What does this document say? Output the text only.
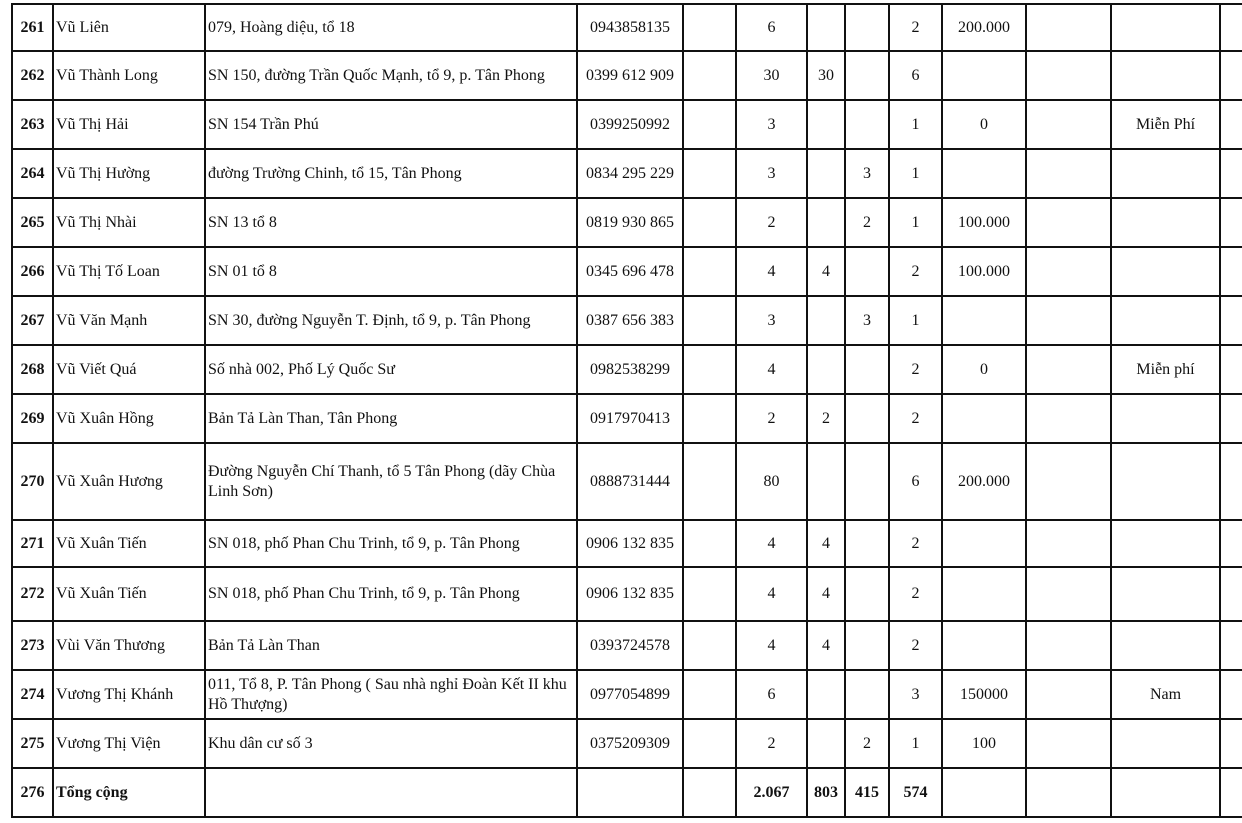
261	Vũ Liên	079, Hoàng diệu, tổ 18	0943858135		6			2	200.000			
262	Vũ Thành Long	SN 150, đường Trần Quốc Mạnh, tổ 9, p. Tân Phong	0399 612 909		30	30		6				
263	Vũ Thị Hải	SN 154 Trần Phú	0399250992		3			1	0		Miễn Phí	
264	Vũ Thị Hường	đường Trường Chinh, tổ 15, Tân Phong	0834 295 229		3		3	1				
265	Vũ Thị Nhài	SN 13 tổ 8	0819 930 865		2		2	1	100.000			
266	Vũ Thị Tố Loan	SN 01 tổ 8	0345 696 478		4	4		2	100.000			
267	Vũ Văn Mạnh	SN 30, đường Nguyễn T. Định, tổ 9, p. Tân Phong	0387 656 383		3		3	1				
268	Vũ Viết Quá	Số nhà 002, Phố Lý Quốc Sư	0982538299		4			2	0		Miễn phí	
269	Vũ Xuân Hồng	Bản Tả Làn Than, Tân Phong	0917970413		2	2		2				
270	Vũ Xuân Hương	Đường Nguyễn Chí Thanh, tổ 5 Tân Phong (dãy Chùa Linh Sơn)	0888731444		80			6	200.000			
271	Vũ Xuân Tiến	SN 018, phố Phan Chu Trinh, tổ 9, p. Tân Phong	0906 132 835		4	4		2				
272	Vũ Xuân Tiến	SN 018, phố Phan Chu Trinh, tổ 9, p. Tân Phong	0906 132 835		4	4		2				
273	Vùi Văn Thương	Bản Tả Làn Than	0393724578		4	4		2				
274	Vương Thị Khánh	011, Tổ 8, P. Tân Phong ( Sau nhà nghỉ Đoàn Kết II khu Hồ Thượng)	0977054899		6			3	150000		Nam	
275	Vương Thị Viện	Khu dân cư số 3	0375209309		2		2	1	100			
276	Tổng cộng				2.067	803	415	574				
